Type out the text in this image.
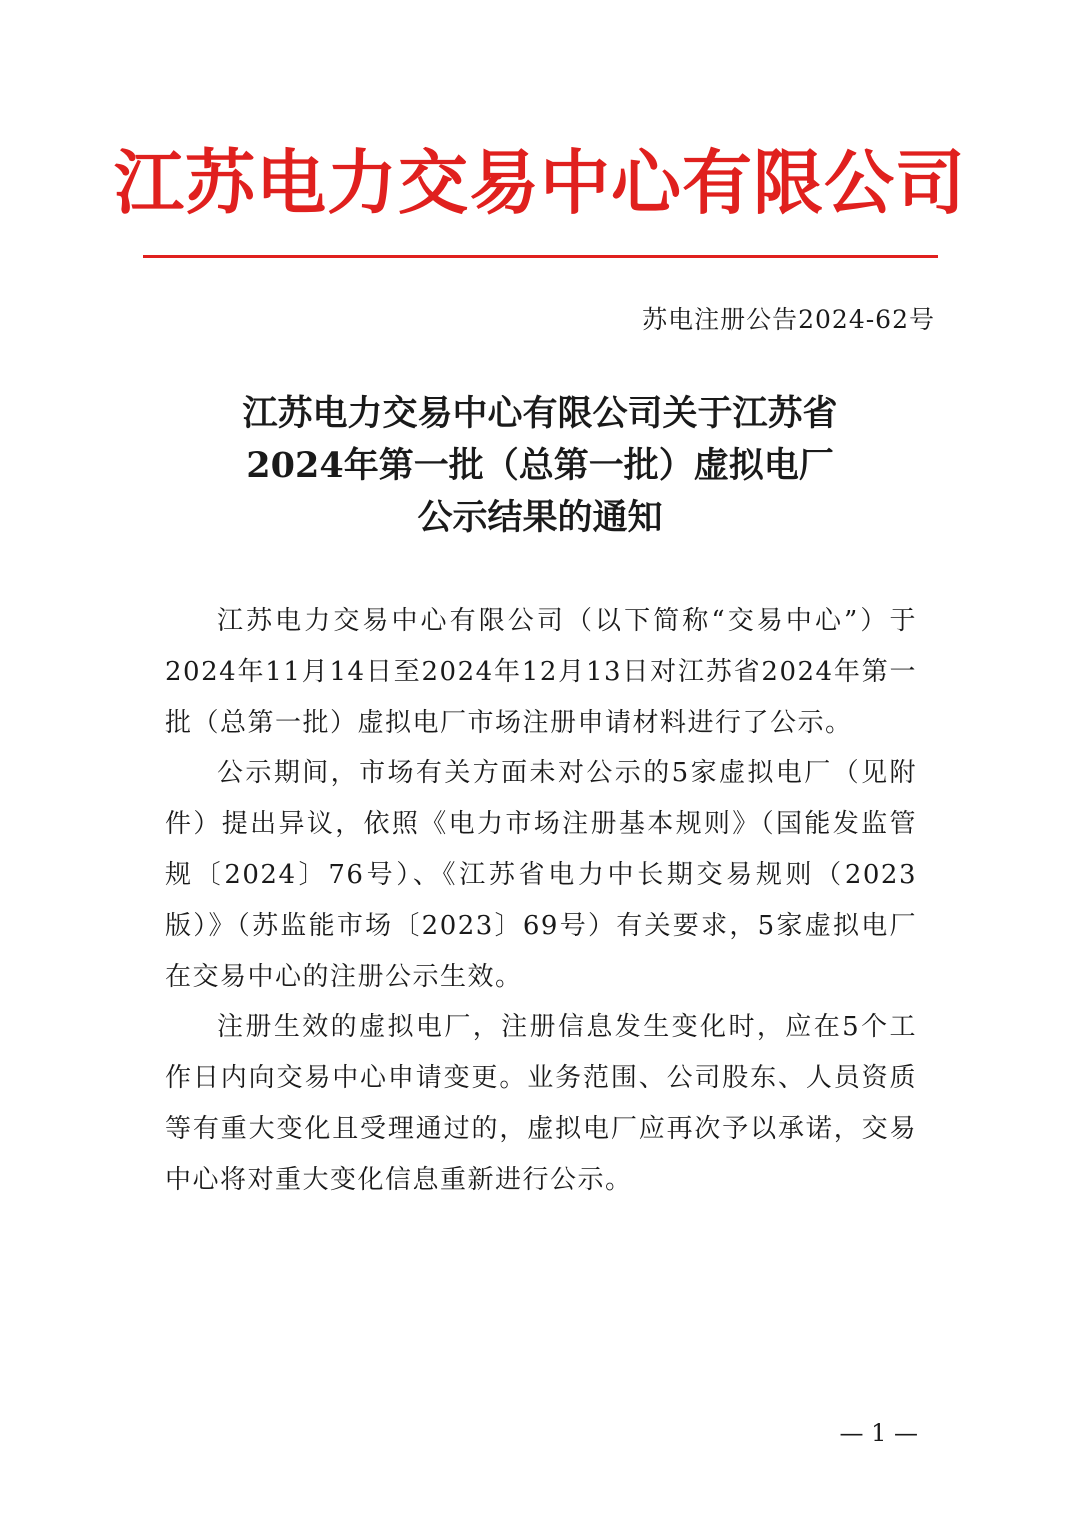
江苏电力交易中心有限公司
苏电注册公告2024-62号
江苏电力交易中心有限公司关于江苏省
2024年第一批（总第一批）虚拟电厂
公示结果的通知

江苏电力交易中心有限公司（以下简称“交易中心”）于2024年11月14日至2024年12月13日对江苏省2024年第一批（总第一批）虚拟电厂市场注册申请材料进行了公示。

公示期间，市场有关方面未对公示的5家虚拟电厂（见附件）提出异议，依照《电力市场注册基本规则》（国能发监管规〔2024〕76号）、《江苏省电力中长期交易规则（2023版）》（苏监能市场〔2023〕69号）有关要求，5家虚拟电厂在交易中心的注册公示生效。

注册生效的虚拟电厂，注册信息发生变化时，应在5个工作日内向交易中心申请变更。业务范围、公司股东、人员资质等有重大变化且受理通过的，虚拟电厂应再次予以承诺，交易中心将对重大变化信息重新进行公示。

— 1 —
